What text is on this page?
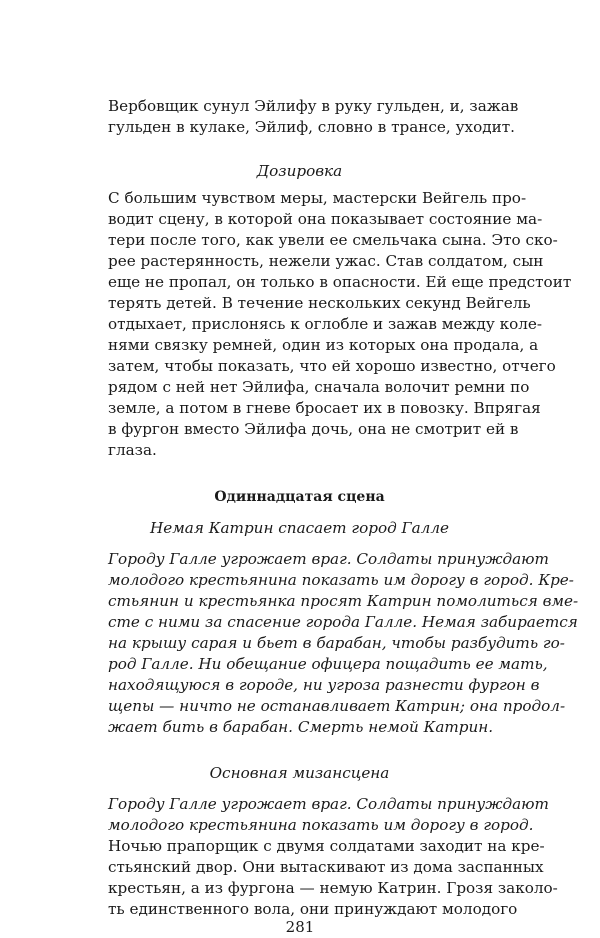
Вербовщик сунул Эйлифу в руку гульден, и, зажав
гульден в кулаке, Эйлиф, словно в трансе, уходит.
Дозировка
С большим чувством меры, мастерски Вейгель про-
водит сцену, в которой она показывает состояние ма-
тери после того, как увели ее смельчака сына. Это ско-
рее растерянность, нежели ужас. Став солдатом, сын
еще не пропал, он только в опасности. Ей еще предстоит
терять детей. В течение нескольких секунд Вейгель
отдыхает, прислонясь к оглобле и зажав между коле-
нями связку ремней, один из которых она продала, а
затем, чтобы показать, что ей хорошо известно, отчего
рядом с ней нет Эйлифа, сначала волочит ремни по
земле, а потом в гневе бросает их в повозку. Впрягая
в фургон вместо Эйлифа дочь, она не смотрит ей в
глаза.
Одиннадцатая сцена
Немая Катрин спасает город Галле
Городу Галле угрожает враг. Солдаты принуждают
молодого крестьянина показать им дорогу в город. Кре-
стьянин и крестьянка просят Катрин помолиться вме-
сте с ними за спасение города Галле. Немая забирается
на крышу сарая и бьет в барабан, чтобы разбудить го-
род Галле. Ни обещание офицера пощадить ее мать,
находящуюся в городе, ни угроза разнести фургон в
щепы — ничто не останавливает Катрин; она продол-
жает бить в барабан. Смерть немой Катрин.
Основная мизансцена
Городу Галле угрожает враг. Солдаты принуждают
молодого крестьянина показать им дорогу в город.
Ночью прапорщик с двумя солдатами заходит на кре-
стьянский двор. Они вытаскивают из дома заспанных
крестьян, а из фургона — немую Катрин. Грозя заколо-
ть единственного вола, они принуждают молодого
281
